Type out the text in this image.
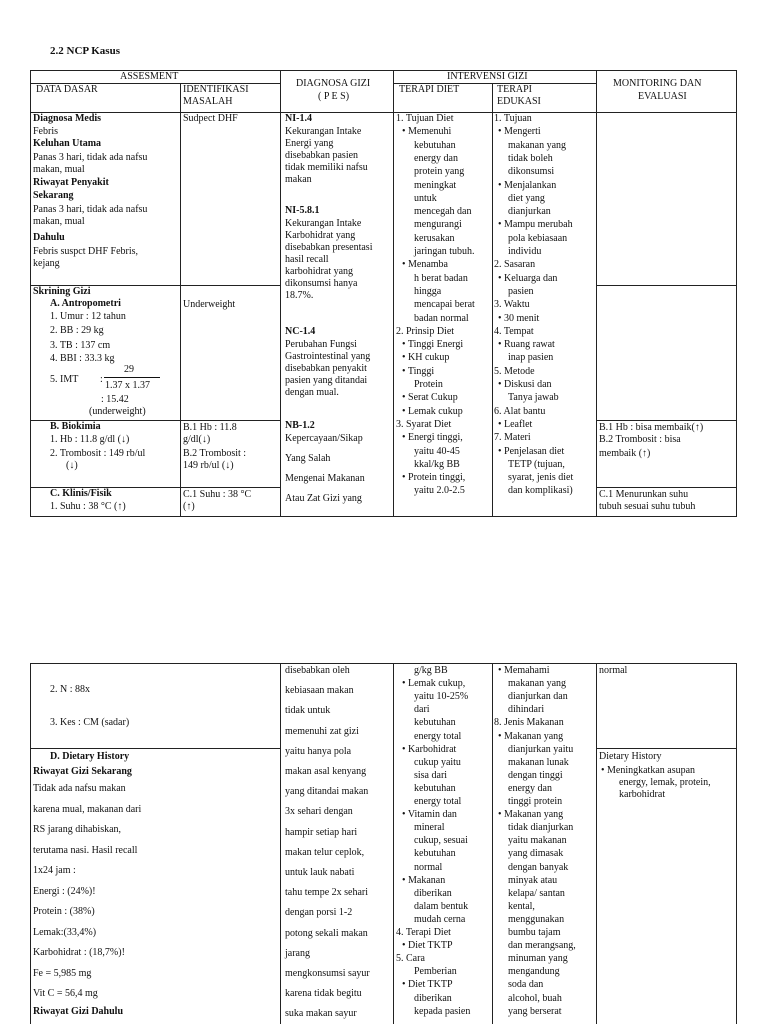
2.2 NCP Kasus
ASSESMENT
DATA DASAR	IDENTIFIKASI
MASALAH
DIAGNOSA GIZI
( P E S)
INTERVENSI GIZI
TERAPI DIET	TERAPI
EDUKASI
MONITORING DAN
EVALUASI
Diagnosa Medis
Febris
Keluhan Utama
Panas 3 hari, tidak ada nafsu
makan, mual
Riwayat Penyakit
Sekarang
Panas 3 hari, tidak ada nafsu
makan, mual
Dahulu
Febris suspct DHF Febris,
kejang
Skrining Gizi
A. Antropometri
1. Umur : 12 tahun
2. BB : 29 kg
3. TB : 137 cm
4. BBI : 33.3 kg
5. IMT :
29
1.37 x 1.37
: 15.42
(underweight)
B. Biokimia
1. Hb : 11.8 g/dl (↓)
2. Trombosit : 149 rb/ul
(↓)
C. Klinis/Fisik
1. Suhu : 38 °C (↑)
Sudpect DHF
Underweight
B.1 Hb : 11.8
g/dl(↓)
B.2 Trombosit :
149 rb/ul (↓)
C.1 Suhu : 38 °C
(↑)
NI-1.4
Kekurangan Intake
Energi yang
disebabkan pasien
tidak memiliki nafsu
makan
NI-5.8.1
Kekurangan Intake
Karbohidrat yang
disebabkan presentasi
hasil recall
karbohidrat yang
dikonsumsi hanya
18.7%.
NC-1.4
Perubahan Fungsi
Gastrointestinal yang
disebabkan penyakit
pasien yang ditandai
dengan mual.
NB-1.2
Kepercayaan/Sikap
Yang Salah
Mengenai Makanan
Atau Zat Gizi yang
1. Tujuan Diet
• Memenuhi
kebutuhan
energy dan
protein yang
meningkat
untuk
mencegah dan
mengurangi
kerusakan
jaringan tubuh.
• Menamba
h berat badan
hingga
mencapai berat
badan normal
2. Prinsip Diet
• Tinggi Energi
• KH cukup
• Tinggi
Protein
• Serat Cukup
• Lemak cukup
3. Syarat Diet
• Energi tinggi,
yaitu 40-45
kkal/kg BB
• Protein tinggi,
yaitu 2.0-2.5
1. Tujuan
• Mengerti
makanan yang
tidak boleh
dikonsumsi
• Menjalankan
diet yang
dianjurkan
• Mampu merubah
pola kebiasaan
individu
2. Sasaran
• Keluarga dan
pasien
3. Waktu
• 30 menit
4. Tempat
• Ruang rawat
inap pasien
5. Metode
• Diskusi dan
Tanya jawab
6. Alat bantu
• Leaflet
7. Materi
• Penjelasan diet
TETP (tujuan,
syarat, jenis diet
dan komplikasi)
B.1 Hb : bisa membaik(↑)
B.2 Trombosit : bisa
membaik (↑)
C.1 Menurunkan suhu
tubuh sesuai suhu tubuh
2. N : 88x
3. Kes : CM (sadar)
D. Dietary History
Riwayat Gizi Sekarang
Tidak ada nafsu makan
karena mual, makanan dari
RS jarang dihabiskan,
terutama nasi. Hasil recall
1x24 jam :
Energi : (24%)!
Protein : (38%)
Lemak:(33,4%)
Karbohidrat : (18,7%)!
Fe = 5,985 mg
Vit C = 56,4 mg
Riwayat Gizi Dahulu
disebabkan oleh
kebiasaan makan
tidak untuk
memenuhi zat gizi
yaitu hanya pola
makan asal kenyang
yang ditandai makan
3x sehari dengan
hampir setiap hari
makan telur ceplok,
untuk lauk nabati
tahu tempe 2x sehari
dengan porsi 1-2
potong sekali makan
jarang
mengkonsumsi sayur
karena tidak begitu
suka makan sayur
g/kg BB
• Lemak cukup,
yaitu 10-25%
dari
kebutuhan
energy total
• Karbohidrat
cukup yaitu
sisa dari
kebutuhan
energy total
• Vitamin dan
mineral
cukup, sesuai
kebutuhan
normal
• Makanan
diberikan
dalam bentuk
mudah cerna
4. Terapi Diet
• Diet TKTP
5. Cara
Pemberian
• Diet TKTP
diberikan
kepada pasien
• Memahami
makanan yang
dianjurkan dan
dihindari
8. Jenis Makanan
• Makanan yang
dianjurkan yaitu
makanan lunak
dengan tinggi
energy dan
tinggi protein
• Makanan yang
tidak dianjurkan
yaitu makanan
yang dimasak
dengan banyak
minyak atau
kelapa/ santan
kental,
menggunakan
bumbu tajam
dan merangsang,
minuman yang
mengandung
soda dan
alcohol, buah
yang berserat
normal
Dietary History
• Meningkatkan asupan
energy, lemak, protein,
karbohidrat
